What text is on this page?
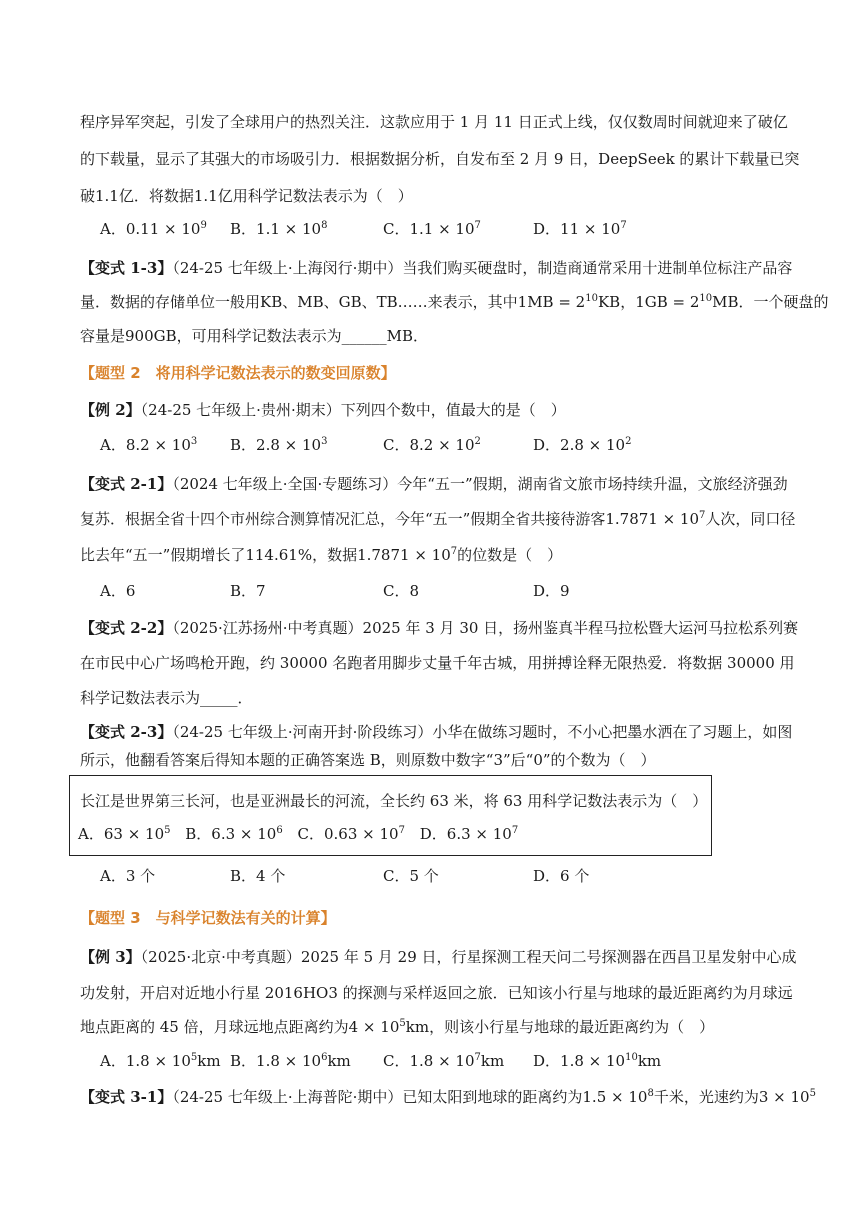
程序异军突起，引发了全球用户的热烈关注．这款应用于 1 月 11 日正式上线，仅仅数周时间就迎来了破亿
的下载量，显示了其强大的市场吸引力．根据数据分析，自发布至 2 月 9 日，DeepSeek 的累计下载量已突
破1.1亿．将数据1.1亿用科学记数法表示为（　）
A．$0.11 \times 10^9$ B．$1.1 \times 10^8$	C．$1.1 \times 10^7$	D．$11 \times 10^7$
【变式 1-3】（24-25 七年级上·上海闵行·期中）当我们购买硬盘时，制造商通常采用十进制单位标注产品容
量．数据的存储单位一般用KB、MB、GB、TB……来表示，其中$1MB = 2^{10}KB$，$1GB = 2^{10}MB$．一个硬盘的
容量是900GB，可用科学记数法表示为______MB．
【题型 2　将用科学记数法表示的数变回原数】
【例 2】（24-25 七年级上·贵州·期末）下列四个数中，值最大的是（　）
A．$8.2 \times 10^3$ B．$2.8 \times 10^3$	C．$8.2 \times 10^2$	D．$2.8 \times 10^2$
【变式 2-1】（2024 七年级上·全国·专题练习）今年“五一”假期，湖南省文旅市场持续升温，文旅经济强劲
复苏．根据全省十四个市州综合测算情况汇总，今年“五一”假期全省共接待游客$1.7871 \times 10^7$人次，同口径
比去年“五一”假期增长了114.61%，数据$1.7871 \times 10^7$的位数是（　）
A．6	B．7	C．8	D．9
【变式 2-2】（2025·江苏扬州·中考真题）2025 年 3 月 30 日，扬州鉴真半程马拉松暨大运河马拉松系列赛
在市民中心广场鸣枪开跑，约 30000 名跑者用脚步丈量千年古城，用拼搏诠释无限热爱．将数据 30000 用
科学记数法表示为_____．
【变式 2-3】（24-25 七年级上·河南开封·阶段练习）小华在做练习题时，不小心把墨水洒在了习题上，如图
所示，他翻看答案后得知本题的正确答案选 B，则原数中数字“3”后“0”的个数为（　）
长江是世界第三长河，也是亚洲最长的河流，全长约 63 米，将 63 用科学记数法表示为（　）
A．$63 \times 10^5$ B．$6.3 \times 10^6$ C．$0.63 \times 10^7$ D．$6.3 \times 10^7$
A．3 个	B．4 个	C．5 个	D．6 个
【题型 3　与科学记数法有关的计算】
【例 3】（2025·北京·中考真题）2025 年 5 月 29 日，行星探测工程天问二号探测器在西昌卫星发射中心成
功发射，开启对近地小行星 2016HO3 的探测与采样返回之旅．已知该小行星与地球的最近距离约为月球远
地点距离的 45 倍，月球远地点距离约为$4 \times 10^5km$，则该小行星与地球的最近距离约为（　）
A．$1.8 \times 10^5km$ B．$1.8 \times 10^6km$ C．$1.8 \times 10^7km$ D．$1.8 \times 10^{10}km$
【变式 3-1】（24-25 七年级上·上海普陀·期中）已知太阳到地球的距离约为$1.5 \times 10^8$千米，光速约为$3 \times 10^5$
